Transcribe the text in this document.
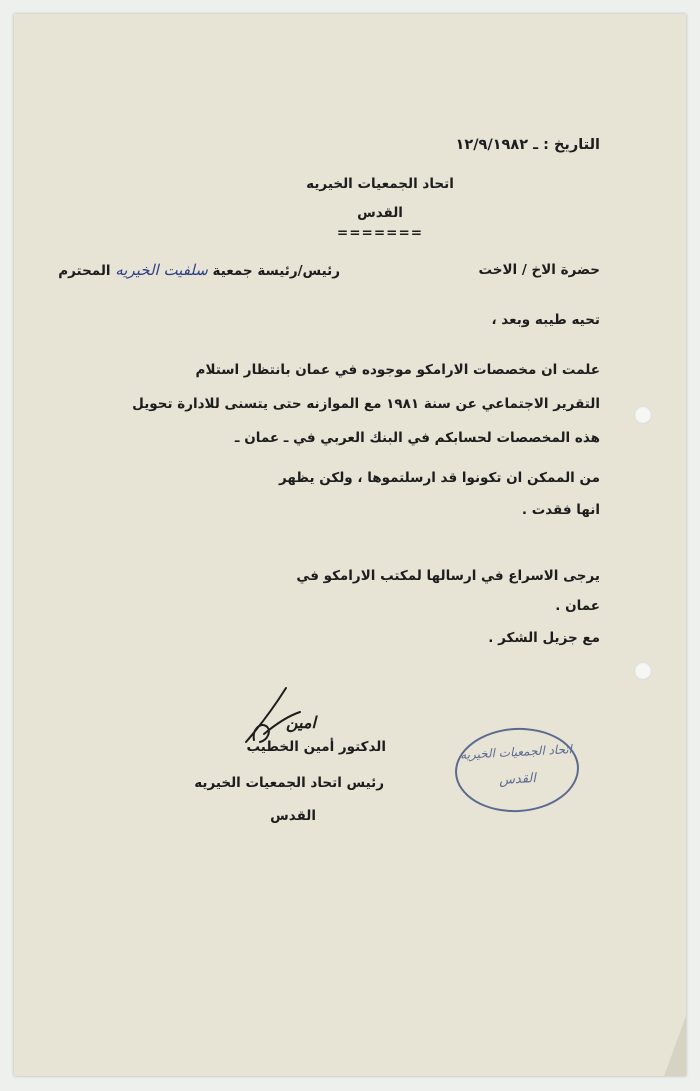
التاريخ : ـ ١٢/٩/١٩٨٢
اتحاد الجمعيات الخيريه
القدس
=======
حضرة الاخ / الاخت
رئيس/رئيسة جمعية سلفيت الخيريه المحترم
تحيه طيبه وبعد ،
علمت ان مخصصات الارامكو موجوده في عمان بانتظار استلام
التقرير الاجتماعي عن سنة ١٩٨١ مع الموازنه حتى يتسنى للادارة تحويل
هذه المخصصات لحسابكم في البنك العربي في ـ عمان ـ
من الممكن ان تكونوا قد ارسلتموها ، ولكن يظهر
انها فقدت .
يرجى الاسراع في ارسالها لمكتب الارامكو في
عمان .
مع جزيل الشكر .
امين
الدكتور أمين الخطيب
رئيس اتحاد الجمعيات الخيريه
القدس
اتحاد الجمعيات الخيريه
القدس
